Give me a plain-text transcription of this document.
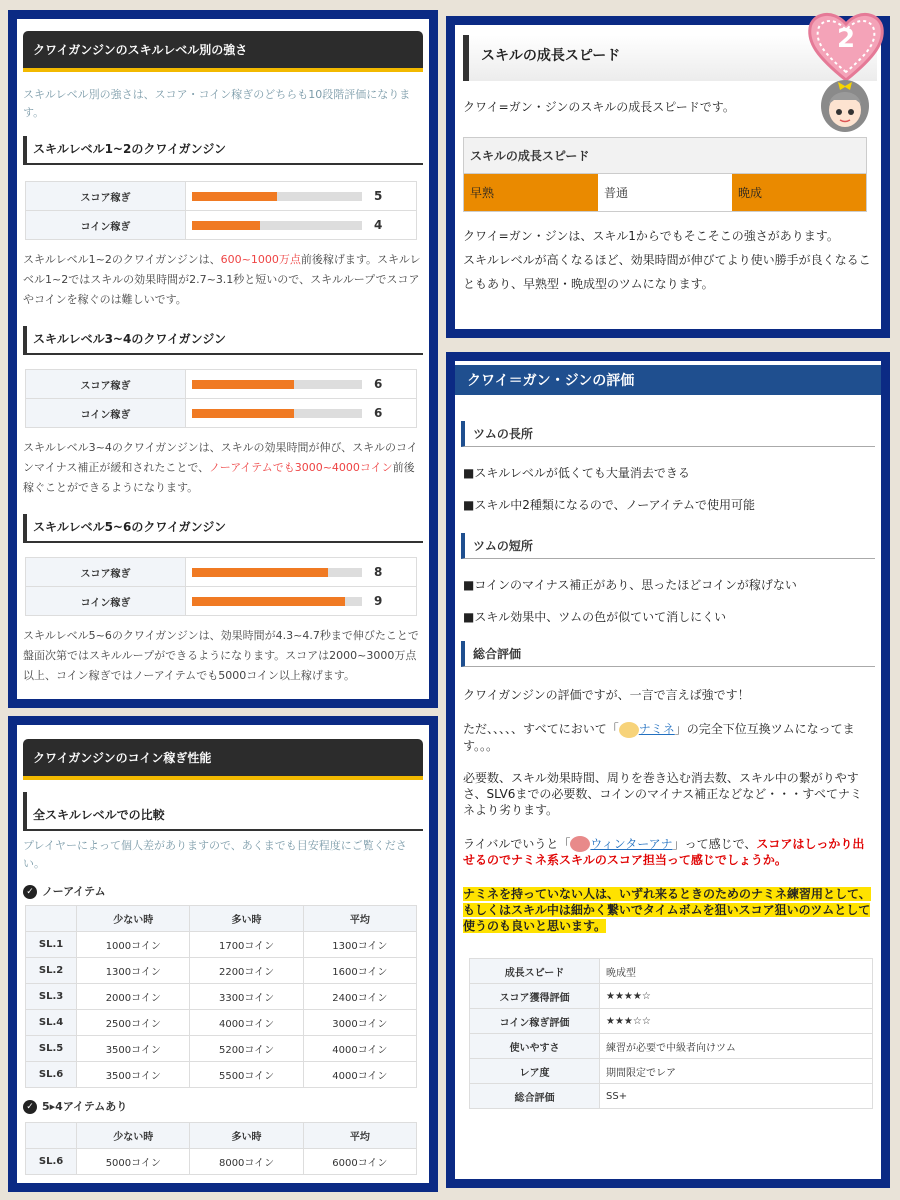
クワイガンジンのスキルレベル別の強さ
スキルレベル別の強さは、スコア・コイン稼ぎのどちらも10段階評価になります。
スキルレベル1~2のクワイガンジン
スコア稼ぎ	5
コイン稼ぎ	4
スキルレベル1~2のクワイガンジンは、600~1000万点前後稼げます。スキルレベル1~2ではスキルの効果時間が2.7~3.1秒と短いので、スキルループでスコアやコインを稼ぐのは難しいです。
スキルレベル3~4のクワイガンジン
スコア稼ぎ	6
コイン稼ぎ	6
スキルレベル3~4のクワイガンジンは、スキルの効果時間が伸び、スキルのコインマイナス補正が緩和されたことで、ノーアイテムでも3000~4000コイン前後稼ぐことができるようになります。
スキルレベル5~6のクワイガンジン
スコア稼ぎ	8
コイン稼ぎ	9
スキルレベル5~6のクワイガンジンは、効果時間が4.3~4.7秒まで伸びたことで盤面次第ではスキルループができるようになります。スコアは2000~3000万点以上、コイン稼ぎではノーアイテムでも5000コイン以上稼げます。
スキルの成長スピード
クワイ=ガン・ジンのスキルの成長スピードです。
スキルの成長スピード
早熟	普通	晩成
クワイ=ガン・ジンは、スキル1からでもそこそこの強さがあります。
スキルレベルが高くなるほど、効果時間が伸びてより使い勝手が良くなることもあり、早熟型・晩成型のツムになります。
2
クワイ＝ガン・ジンの評価
ツムの長所
■スキルレベルが低くても大量消去できる
■スキル中2種類になるので、ノーアイテムで使用可能
ツムの短所
■コインのマイナス補正があり、思ったほどコインが稼げない
■スキル効果中、ツムの色が似ていて消しにくい
総合評価
クワイガンジンの評価ですが、一言で言えば強です！
ただ、、、、、すべてにおいて「 ナミネ」の完全下位互換ツムになってます。。。
必要数、スキル効果時間、周りを巻き込む消去数、スキル中の繋がりやすさ、SLV6までの必要数、コインのマイナス補正などなど・・・すべてナミネより劣ります。
ライバルでいうと「 ウィンターアナ」って感じで、スコアはしっかり出せるのでナミネ系スキルのスコア担当って感じでしょうか。
ナミネを持っていない人は、いずれ来るときのためのナミネ練習用として、もしくはスキル中は細かく繋いでタイムボムを狙いスコア狙いのツムとして使うのも良いと思います。
成長スピード	晩成型
スコア獲得評価	★★★★☆
コイン稼ぎ評価	★★★☆☆
使いやすさ	練習が必要で中級者向けツム
レア度	期間限定でレア
総合評価	SS+
クワイガンジンのコイン稼ぎ性能
全スキルレベルでの比較
プレイヤーによって個人差がありますので、あくまでも目安程度にご覧ください。
✓ ノーアイテム
	少ない時	多い時	平均
SL.1	1000コイン	1700コイン	1300コイン
SL.2	1300コイン	2200コイン	1600コイン
SL.3	2000コイン	3300コイン	2400コイン
SL.4	2500コイン	4000コイン	3000コイン
SL.5	3500コイン	5200コイン	4000コイン
SL.6	3500コイン	5500コイン	4000コイン
✓ 5▸4アイテムあり
	少ない時	多い時	平均
SL.6	5000コイン	8000コイン	6000コイン
